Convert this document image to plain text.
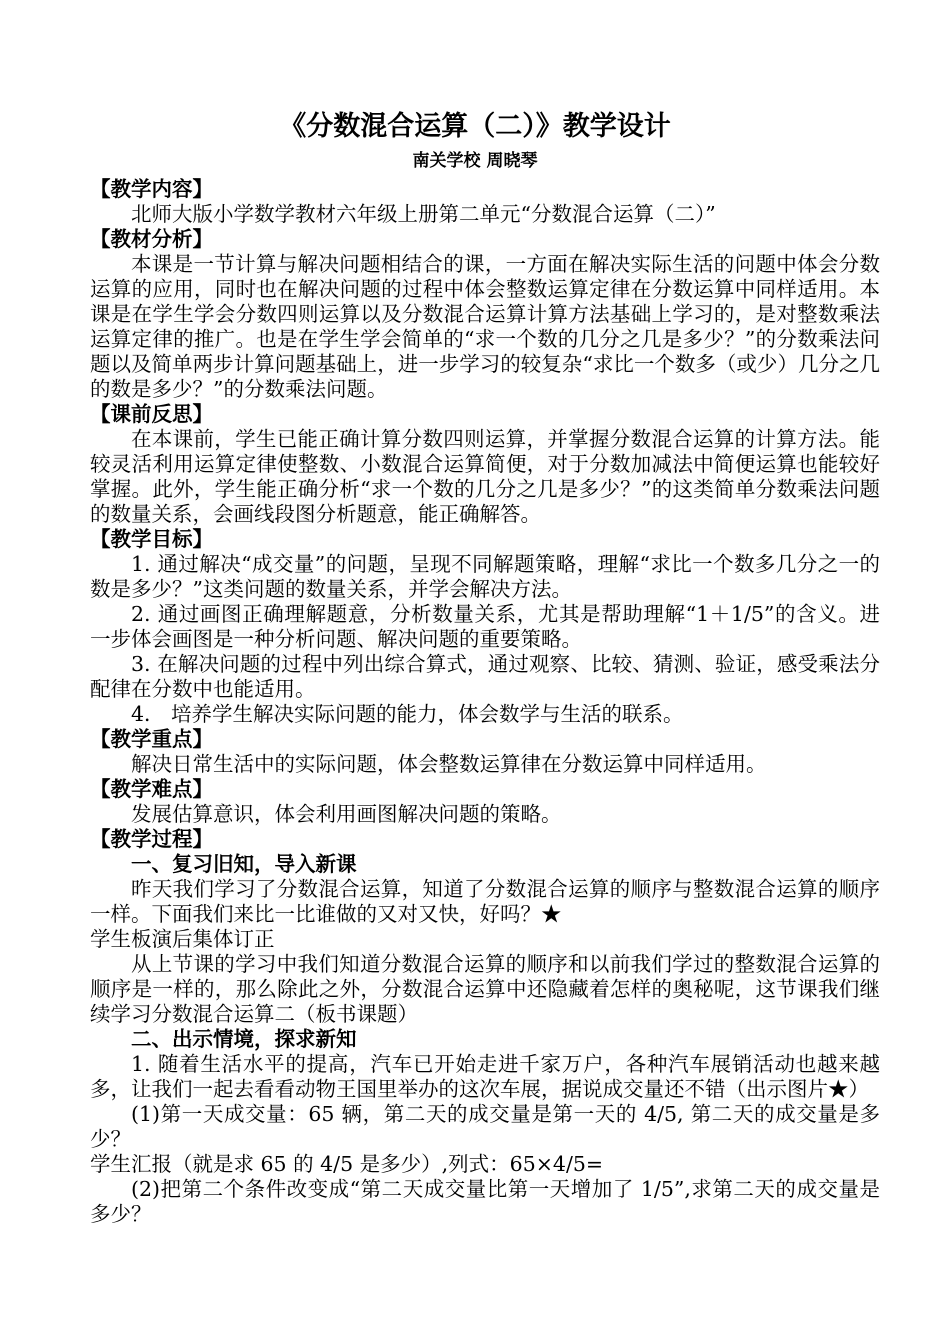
《分数混合运算（二）》教学设计
南关学校 周晓琴

【教学内容】

北师大版小学数学教材六年级上册第二单元“分数混合运算（二）”

【教材分析】

本课是一节计算与解决问题相结合的课，一方面在解决实际生活的问题中体会分数运算的应用，同时也在解决问题的过程中体会整数运算定律在分数运算中同样适用。本课是在学生学会分数四则运算以及分数混合运算计算方法基础上学习的，是对整数乘法运算定律的推广。也是在学生学会简单的“求一个数的几分之几是多少？”的分数乘法问题以及简单两步计算问题基础上，进一步学习的较复杂“求比一个数多（或少）几分之几的数是多少？”的分数乘法问题。

【课前反思】

在本课前，学生已能正确计算分数四则运算，并掌握分数混合运算的计算方法。能较灵活利用运算定律使整数、小数混合运算简便，对于分数加减法中简便运算也能较好掌握。此外，学生能正确分析“求一个数的几分之几是多少？”的这类简单分数乘法问题的数量关系，会画线段图分析题意，能正确解答。

【教学目标】

1. 通过解决“成交量”的问题，呈现不同解题策略，理解“求比一个数多几分之一的数是多少？”这类问题的数量关系，并学会解决方法。

2. 通过画图正确理解题意，分析数量关系，尤其是帮助理解“1＋1/5”的含义。进一步体会画图是一种分析问题、解决问题的重要策略。

3. 在解决问题的过程中列出综合算式，通过观察、比较、猜测、验证，感受乘法分配律在分数中也能适用。

4． 培养学生解决实际问题的能力，体会数学与生活的联系。

【教学重点】

解决日常生活中的实际问题，体会整数运算律在分数运算中同样适用。

【教学难点】

发展估算意识，体会利用画图解决问题的策略。

【教学过程】

一、复习旧知，导入新课

昨天我们学习了分数混合运算，知道了分数混合运算的顺序与整数混合运算的顺序一样。下面我们来比一比谁做的又对又快，好吗？★

学生板演后集体订正

从上节课的学习中我们知道分数混合运算的顺序和以前我们学过的整数混合运算的顺序是一样的，那么除此之外，分数混合运算中还隐藏着怎样的奥秘呢，这节课我们继续学习分数混合运算二（板书课题）

二、出示情境，探求新知

1. 随着生活水平的提高，汽车已开始走进千家万户，各种汽车展销活动也越来越多，让我们一起去看看动物王国里举办的这次车展，据说成交量还不错（出示图片★）

(1)第一天成交量：65 辆，第二天的成交量是第一天的 4/5, 第二天的成交量是多少？

学生汇报（就是求 65 的 4/5 是多少）,列式：65×4/5=

(2)把第二个条件改变成“第二天成交量比第一天增加了 1/5”,求第二天的成交量是多少？
